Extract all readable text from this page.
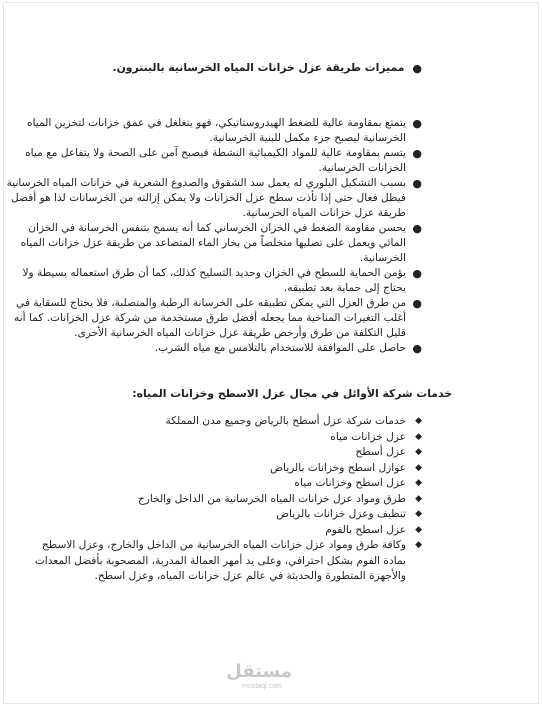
●

مميزات طريقة عزل خزانات المياه الخرسانية بالبنترون.

●
يتمتع بمقاومة عالية للضغط الهيدروستاتيكي، فهو يتغلغل في عمق خزانات لتخزين المياه الخرسانية ليصبح جزء مكمل للبنية الخرسانية.
●
يتسم بمقاومة عالية للمواد الكيميائية النشطة فيصبح آمن على الصحة ولا يتفاعل مع مياه الخزانات الخرسانية.
●
بسبب التشكيل البلوري له يعمل سد الشقوق والصدوع الشعرية في خزانات المياه الخرسانية فيظل فعال حتى إذا تأذت سطح عزل الخزانات ولا يمكن إزالته من الخرسانات لذا هو أفضل طريقة عزل خزانات المياه الخرسانية.
●
يحسن مقاومة الضغط في الخزان الخرساني كما أنه يسمح بتنفس الخرسانة في الخزان المائي ويعمل على تصليها متخلصاً من بخار الماء المتصاعد من طريقة عزل خزانات المياه الخرسانية.
●
يؤمن الحماية للسطح في الخزان وحديد التسليح كذلك، كما أن طرق استعماله بسيطة ولا يحتاج إلى حماية بعد تطبيقه.
●
من طرق العزل التي يمكن تطبيقه على الخرسانة الرطبة والمتصلبة، فلا يحتاج للسقاية في أغلب التغيرات المناخية مما يجعله أفضل طرق مستخدمة من شركة عزل الخزانات. كما أنه قليل التكلفة من طرق وأرخص طريقة عزل خزانات المياه الخرسانية الأخرى.
●
حاصل على الموافقة للاستخدام بالتلامس مع مياه الشرب.

خدمات شركة الأوائل في مجال عزل الاسطح وخزانات المياه:

◆
خدمات شركة عزل أسطح بالرياض وجميع مدن المملكة
◆
عزل خزانات مياه
◆
عزل أسطح
◆
عوازل اسطح وخزانات بالرياض
◆
عزل اسطح وخزانات مياه
◆
طرق ومواد عزل خزانات المياه الخرسانية من الداخل والخارج
◆
تنظيف وعزل خزانات بالرياض
◆
عزل اسطح بالفوم
◆
وكافة طرق ومواد عزل خزانات المياه الخرسانية من الداخل والخارج، وعزل الاسطح بمادة الفوم بشكل احترافي، وعلى يد أمهر العمالة المدربة، المصحوبة بأفضل المعدات والأجهزة المتطورة والحديثة في عالم عزل خزانات المياه، وعزل اسطح.
مستقل
mostaql.com
